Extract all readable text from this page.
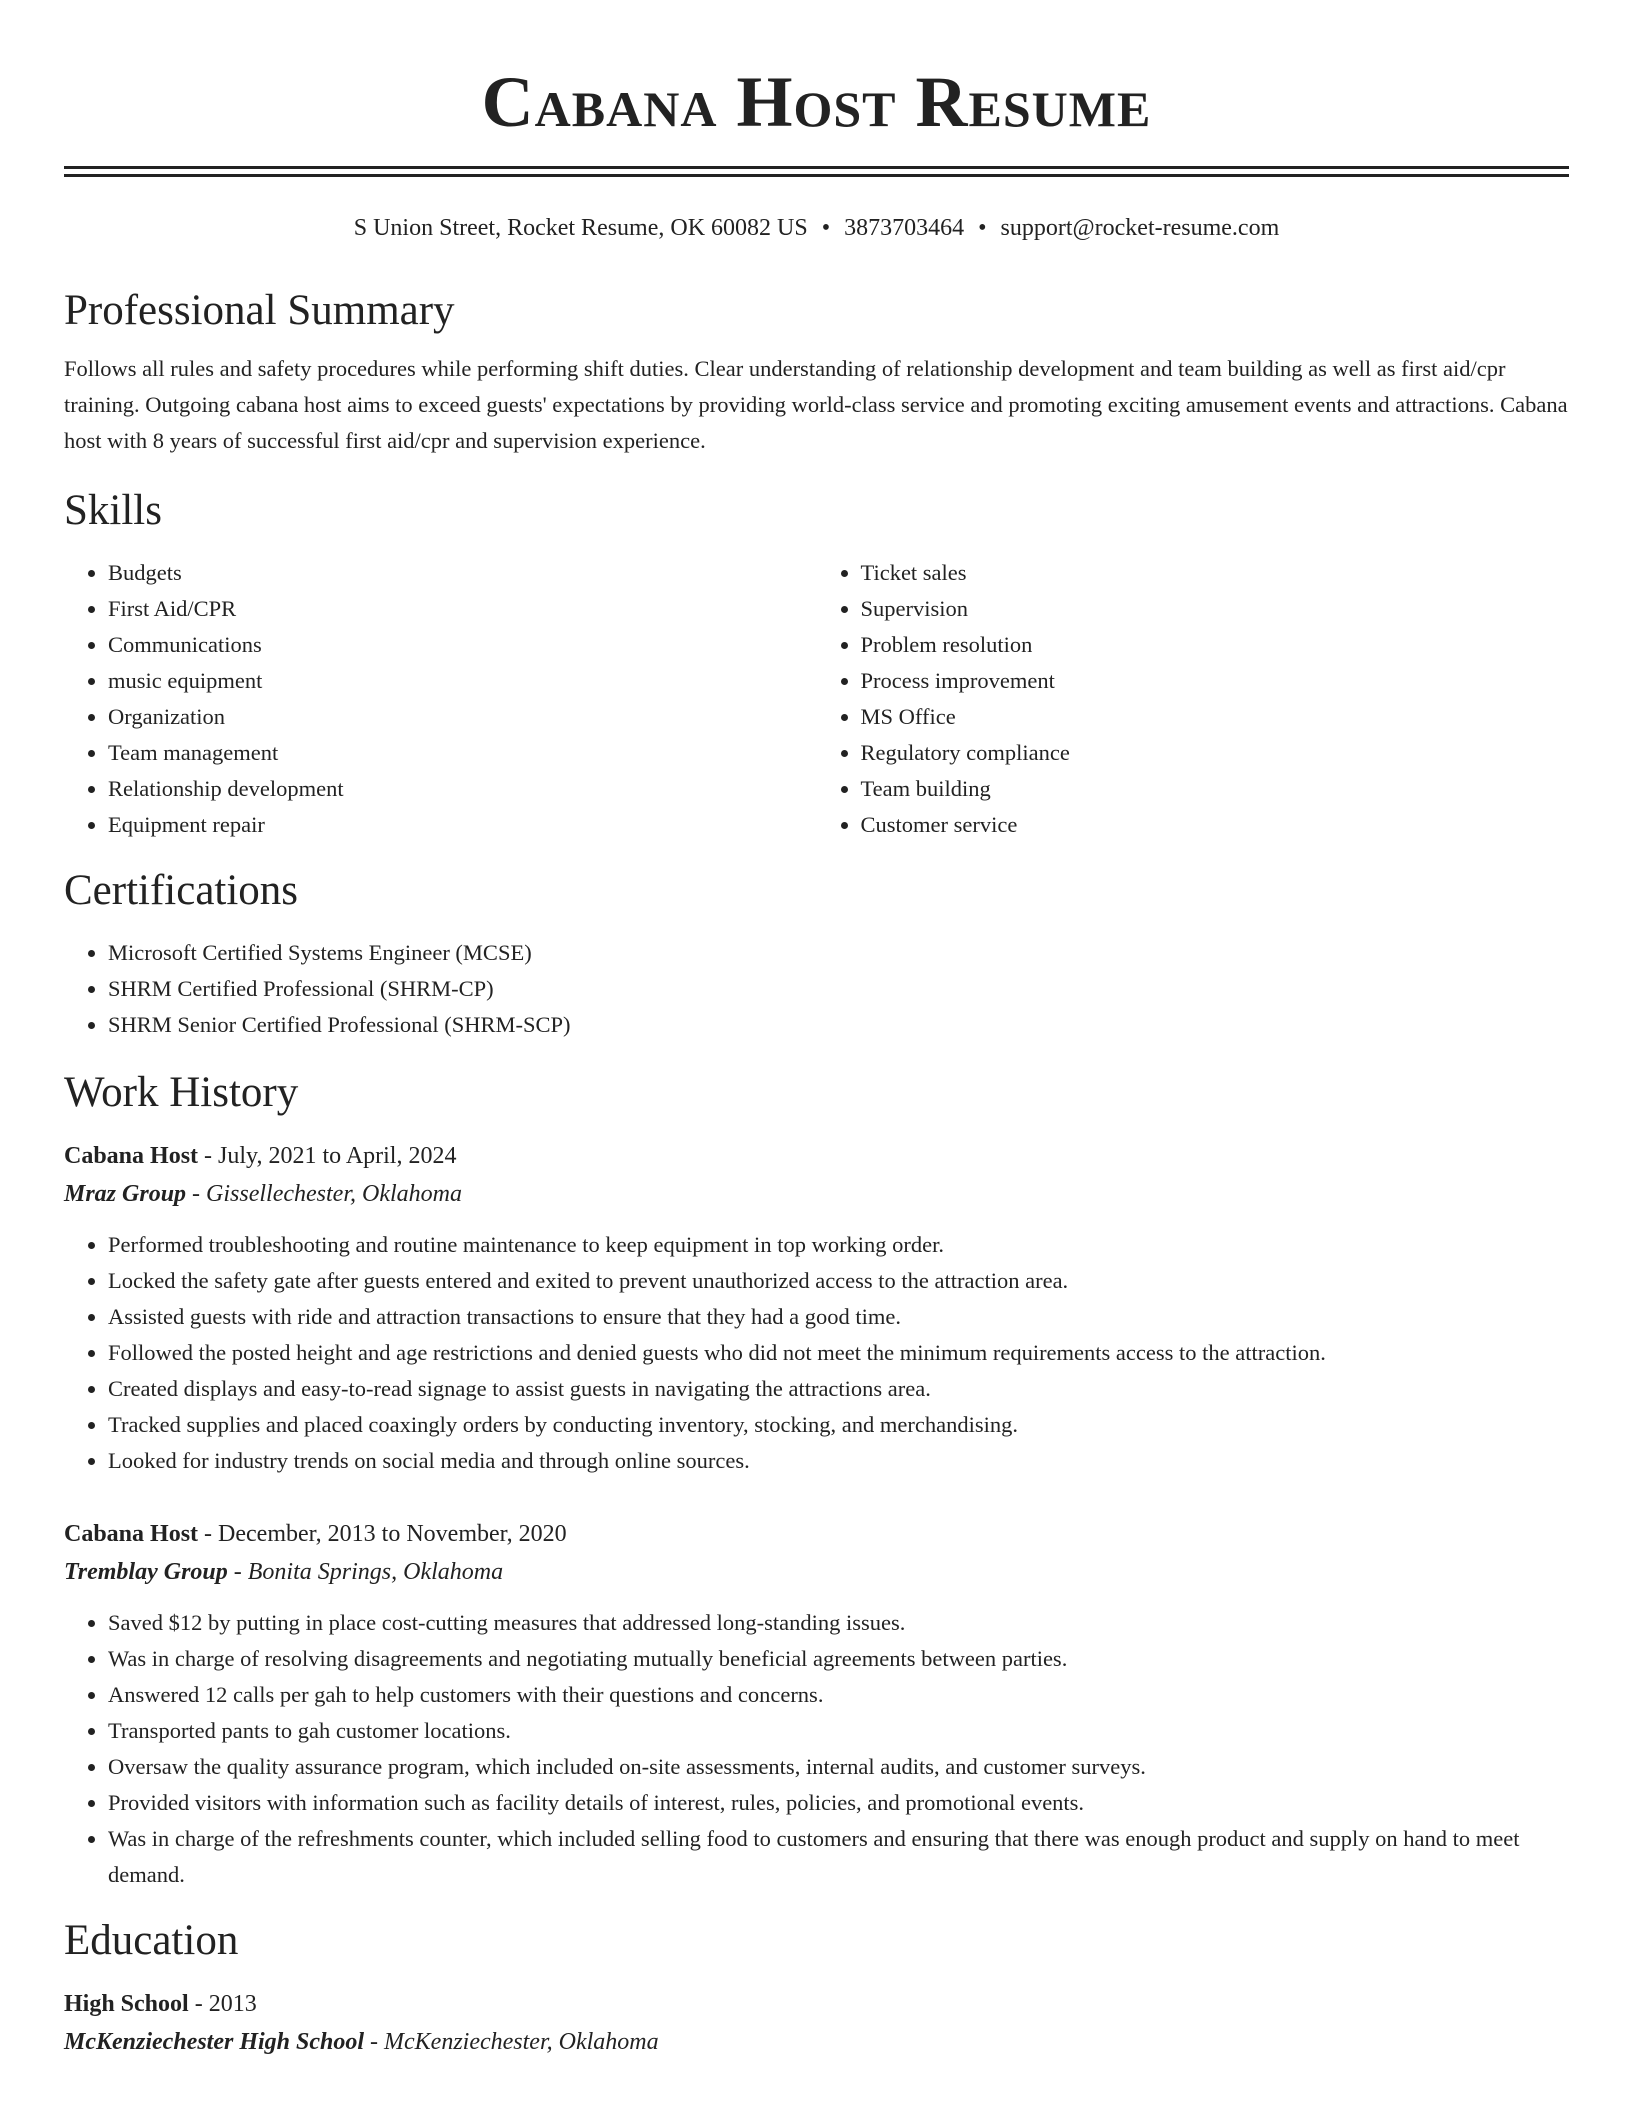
Cabana Host Resume
S Union Street, Rocket Resume, OK 60082 US • 3873703464 • support@rocket-resume.com
Professional Summary

Follows all rules and safety procedures while performing shift duties. Clear understanding of relationship development and team building as well as first aid/cpr training. Outgoing cabana host aims to exceed guests' expectations by providing world-class service and promoting exciting amusement events and attractions. Cabana host with 8 years of successful first aid/cpr and supervision experience.

Skills
• Budgets
• First Aid/CPR
• Communications
• music equipment
• Organization
• Team management
• Relationship development
• Equipment repair
• Ticket sales
• Supervision
• Problem resolution
• Process improvement
• MS Office
• Regulatory compliance
• Team building
• Customer service
Certifications
• Microsoft Certified Systems Engineer (MCSE)
• SHRM Certified Professional (SHRM-CP)
• SHRM Senior Certified Professional (SHRM-SCP)
Work History
Cabana Host - July, 2021 to April, 2024
Mraz Group - Gissellechester, Oklahoma
• Performed troubleshooting and routine maintenance to keep equipment in top working order.
• Locked the safety gate after guests entered and exited to prevent unauthorized access to the attraction area.
• Assisted guests with ride and attraction transactions to ensure that they had a good time.
• Followed the posted height and age restrictions and denied guests who did not meet the minimum requirements access to the attraction.
• Created displays and easy-to-read signage to assist guests in navigating the attractions area.
• Tracked supplies and placed coaxingly orders by conducting inventory, stocking, and merchandising.
• Looked for industry trends on social media and through online sources.
Cabana Host - December, 2013 to November, 2020
Tremblay Group - Bonita Springs, Oklahoma
• Saved $12 by putting in place cost-cutting measures that addressed long-standing issues.
• Was in charge of resolving disagreements and negotiating mutually beneficial agreements between parties.
• Answered 12 calls per gah to help customers with their questions and concerns.
• Transported pants to gah customer locations.
• Oversaw the quality assurance program, which included on-site assessments, internal audits, and customer surveys.
• Provided visitors with information such as facility details of interest, rules, policies, and promotional events.
• Was in charge of the refreshments counter, which included selling food to customers and ensuring that there was enough product and supply on hand to meet demand.
Education
High School - 2013
McKenziechester High School - McKenziechester, Oklahoma
